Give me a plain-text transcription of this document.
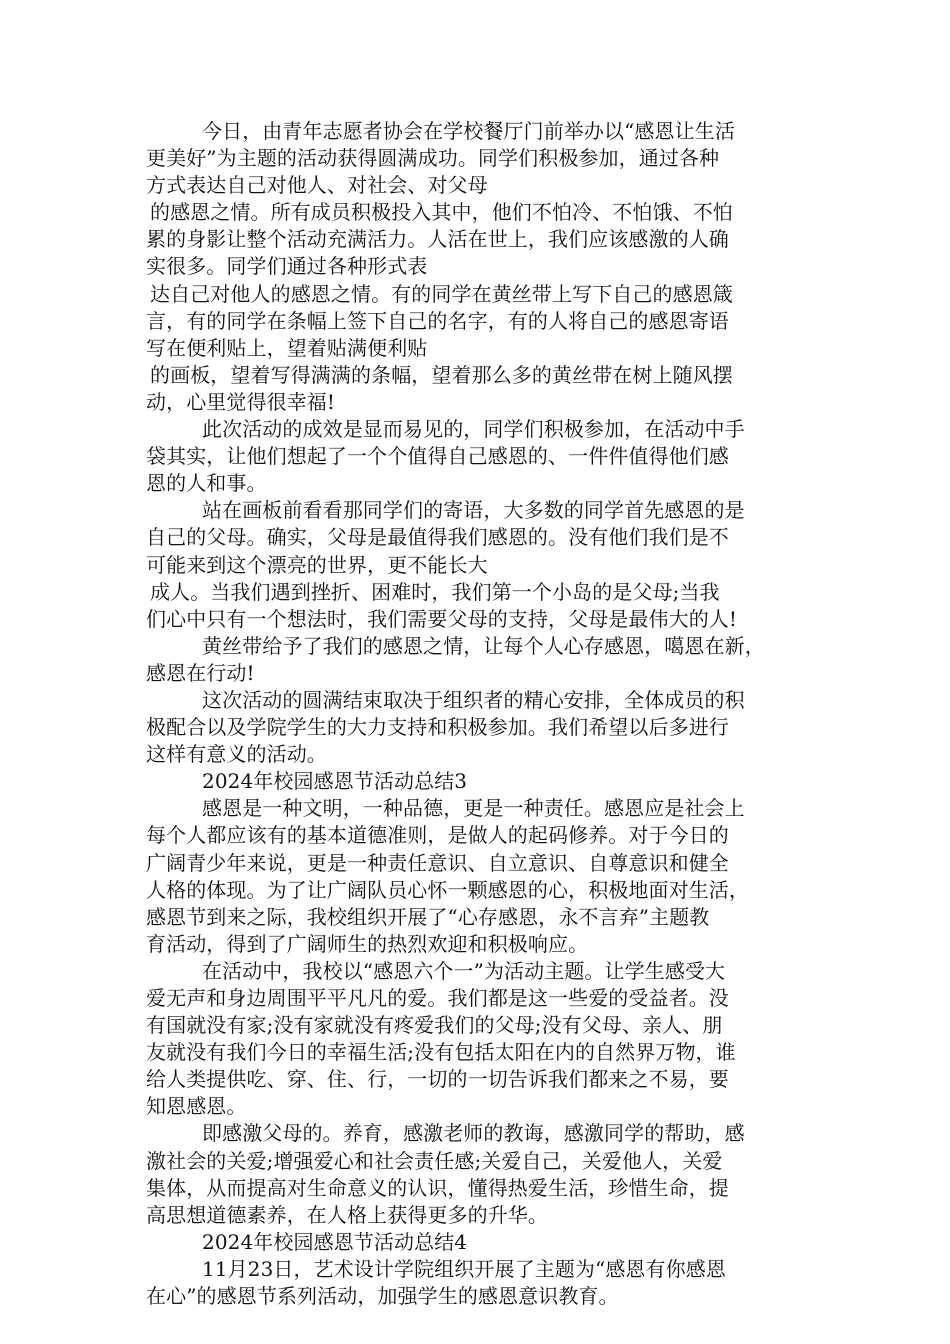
今日，由青年志愿者协会在学校餐厅门前举办以“感恩让生活
更美好”为主题的活动获得圆满成功。同学们积极参加，通过各种
方式表达自己对他人、对社会、对父母
的感恩之情。所有成员积极投入其中，他们不怕冷、不怕饿、不怕
累的身影让整个活动充满活力。人活在世上，我们应该感激的人确
实很多。同学们通过各种形式表
达自己对他人的感恩之情。有的同学在黄丝带上写下自己的感恩箴
言，有的同学在条幅上签下自己的名字，有的人将自己的感恩寄语
写在便利贴上，望着贴满便利贴
的画板，望着写得满满的条幅，望着那么多的黄丝带在树上随风摆
动，心里觉得很幸福!
此次活动的成效是显而易见的，同学们积极参加，在活动中手
袋其实，让他们想起了一个个值得自己感恩的、一件件值得他们感
恩的人和事。
站在画板前看看那同学们的寄语，大多数的同学首先感恩的是
自己的父母。确实，父母是最值得我们感恩的。没有他们我们是不
可能来到这个漂亮的世界，更不能长大
成人。当我们遇到挫折、困难时，我们第一个小岛的是父母;当我
们心中只有一个想法时，我们需要父母的支持，父母是最伟大的人!
黄丝带给予了我们的感恩之情，让每个人心存感恩，噶恩在新，
感恩在行动!
这次活动的圆满结束取决于组织者的精心安排，全体成员的积
极配合以及学院学生的大力支持和积极参加。我们希望以后多进行
这样有意义的活动。
2024年校园感恩节活动总结3
感恩是一种文明，一种品德，更是一种责任。感恩应是社会上
每个人都应该有的基本道德准则，是做人的起码修养。对于今日的
广阔青少年来说，更是一种责任意识、自立意识、自尊意识和健全
人格的体现。为了让广阔队员心怀一颗感恩的心，积极地面对生活，
感恩节到来之际，我校组织开展了“心存感恩，永不言弃”主题教
育活动，得到了广阔师生的热烈欢迎和积极响应。
在活动中，我校以“感恩六个一”为活动主题。让学生感受大
爱无声和身边周围平平凡凡的爱。我们都是这一些爱的受益者。没
有国就没有家;没有家就没有疼爱我们的父母;没有父母、亲人、朋
友就没有我们今日的幸福生活;没有包括太阳在内的自然界万物，谁
给人类提供吃、穿、住、行，一切的一切告诉我们都来之不易，要
知恩感恩。
即感激父母的。养育，感激老师的教诲，感激同学的帮助，感
激社会的关爱;增强爱心和社会责任感;关爱自己，关爱他人，关爱
集体，从而提高对生命意义的认识，懂得热爱生活，珍惜生命，提
高思想道德素养，在人格上获得更多的升华。
2024年校园感恩节活动总结4
11月23日，艺术设计学院组织开展了主题为“感恩有你感恩
在心”的感恩节系列活动，加强学生的感恩意识教育。
